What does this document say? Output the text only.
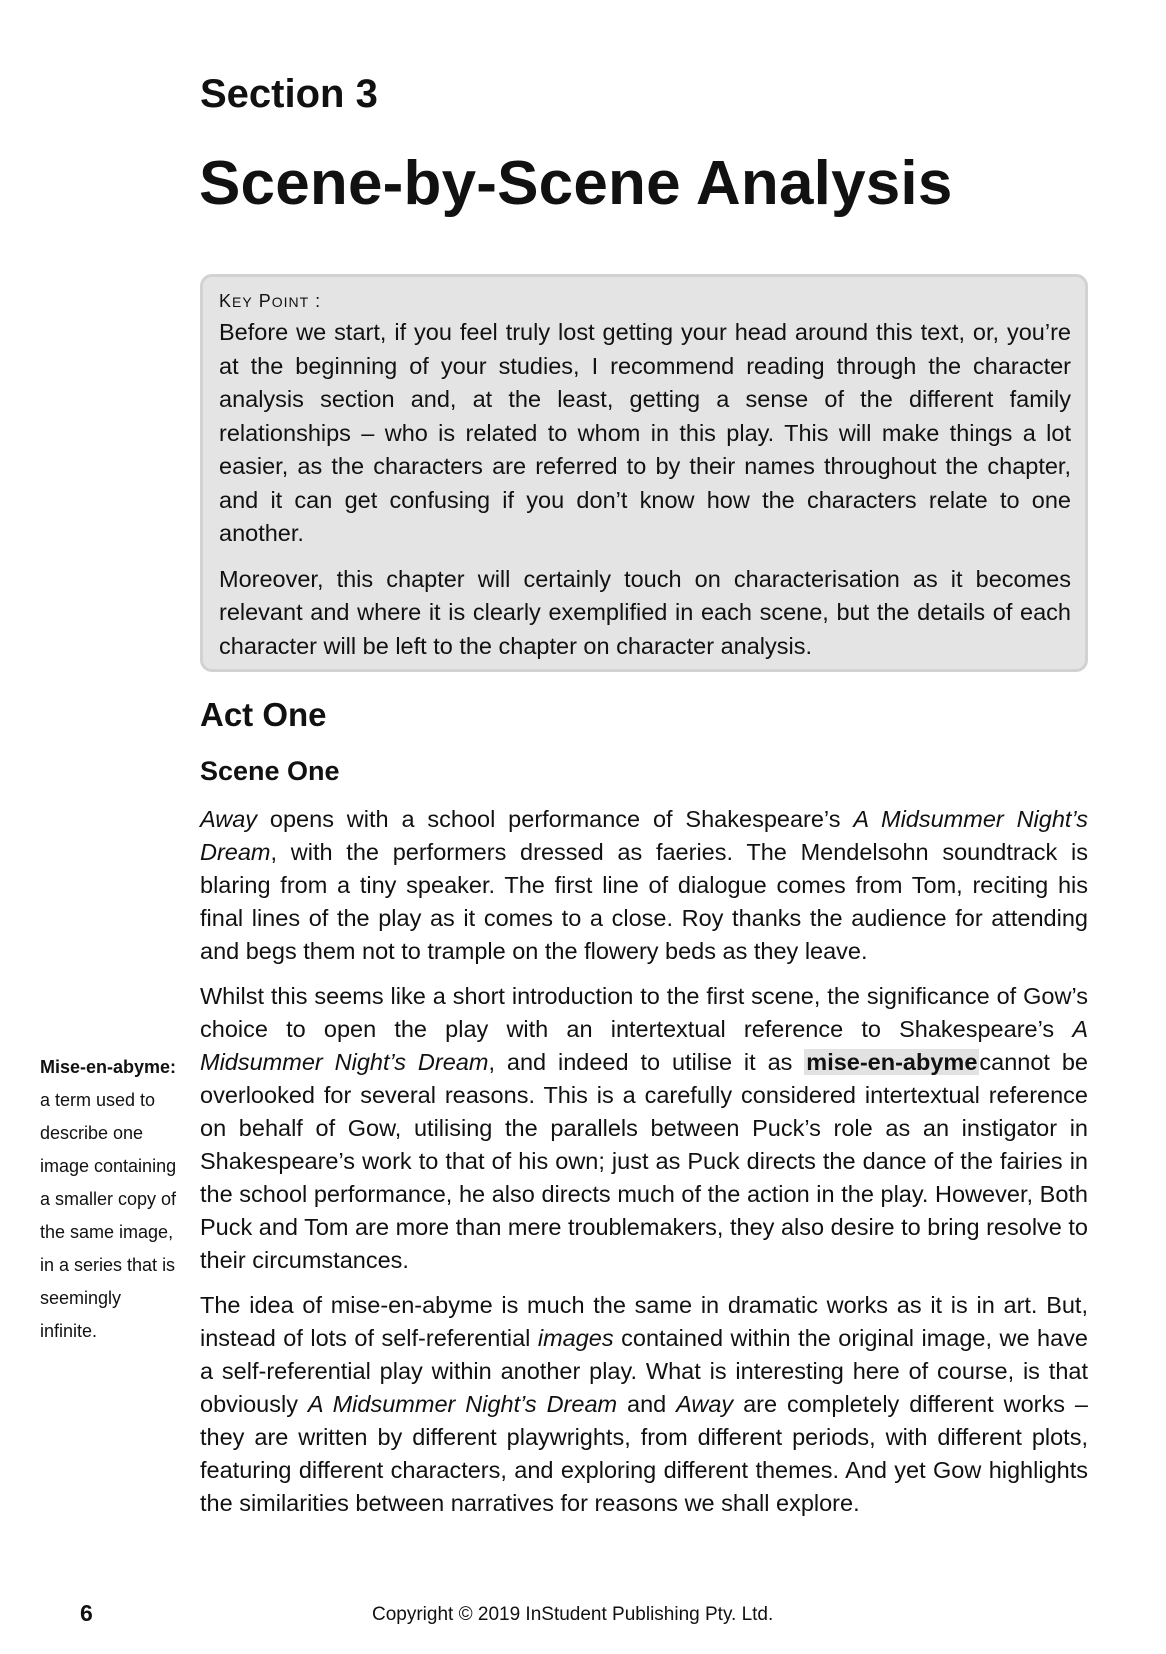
Section 3
Scene-by-Scene Analysis
KEY POINT :

Before we start, if you feel truly lost getting your head around this text, or, you’re at the beginning of your studies, I recommend reading through the character analysis section and, at the least, getting a sense of the different family relationships – who is related to whom in this play. This will make things a lot easier, as the characters are referred to by their names throughout the chapter, and it can get confusing if you don’t know how the characters relate to one another.

Moreover, this chapter will certainly touch on characterisation as it becomes relevant and where it is clearly exemplified in each scene, but the details of each character will be left to the chapter on character analysis.

Act One
Scene One

Away opens with a school performance of Shakespeare’s A Midsummer Night’s Dream, with the performers dressed as faeries. The Mendelsohn soundtrack is blaring from a tiny speaker. The first line of dialogue comes from Tom, reciting his final lines of the play as it comes to a close. Roy thanks the audience for attending and begs them not to trample on the flowery beds as they leave.

Whilst this seems like a short introduction to the first scene, the significance of Gow’s choice to open the play with an intertextual reference to Shakespeare’s A Midsummer Night’s Dream, and indeed to utilise it as mise-en-abymecannot be overlooked for several reasons. This is a carefully considered intertextual reference on behalf of Gow, utilising the parallels between Puck’s role as an instigator in Shakespeare’s work to that of his own; just as Puck directs the dance of the fairies in the school performance, he also directs much of the action in the play. However, Both Puck and Tom are more than mere troublemakers, they also desire to bring resolve to their circumstances.

The idea of mise-en-abyme is much the same in dramatic works as it is in art. But, instead of lots of self-referential images contained within the original image, we have a self-referential play within another play. What is interesting here of course, is that obviously A Midsummer Night’s Dream and Away are completely different works – they are written by different playwrights, from different periods, with different plots, featuring different characters, and exploring different themes. And yet Gow highlights the similarities between narratives for reasons we shall explore.

Mise-en-abyme: a term used to describe one image containing a smaller copy of the same image, in a series that is seemingly infinite.
6	Copyright © 2019 InStudent Publishing Pty. Ltd.
